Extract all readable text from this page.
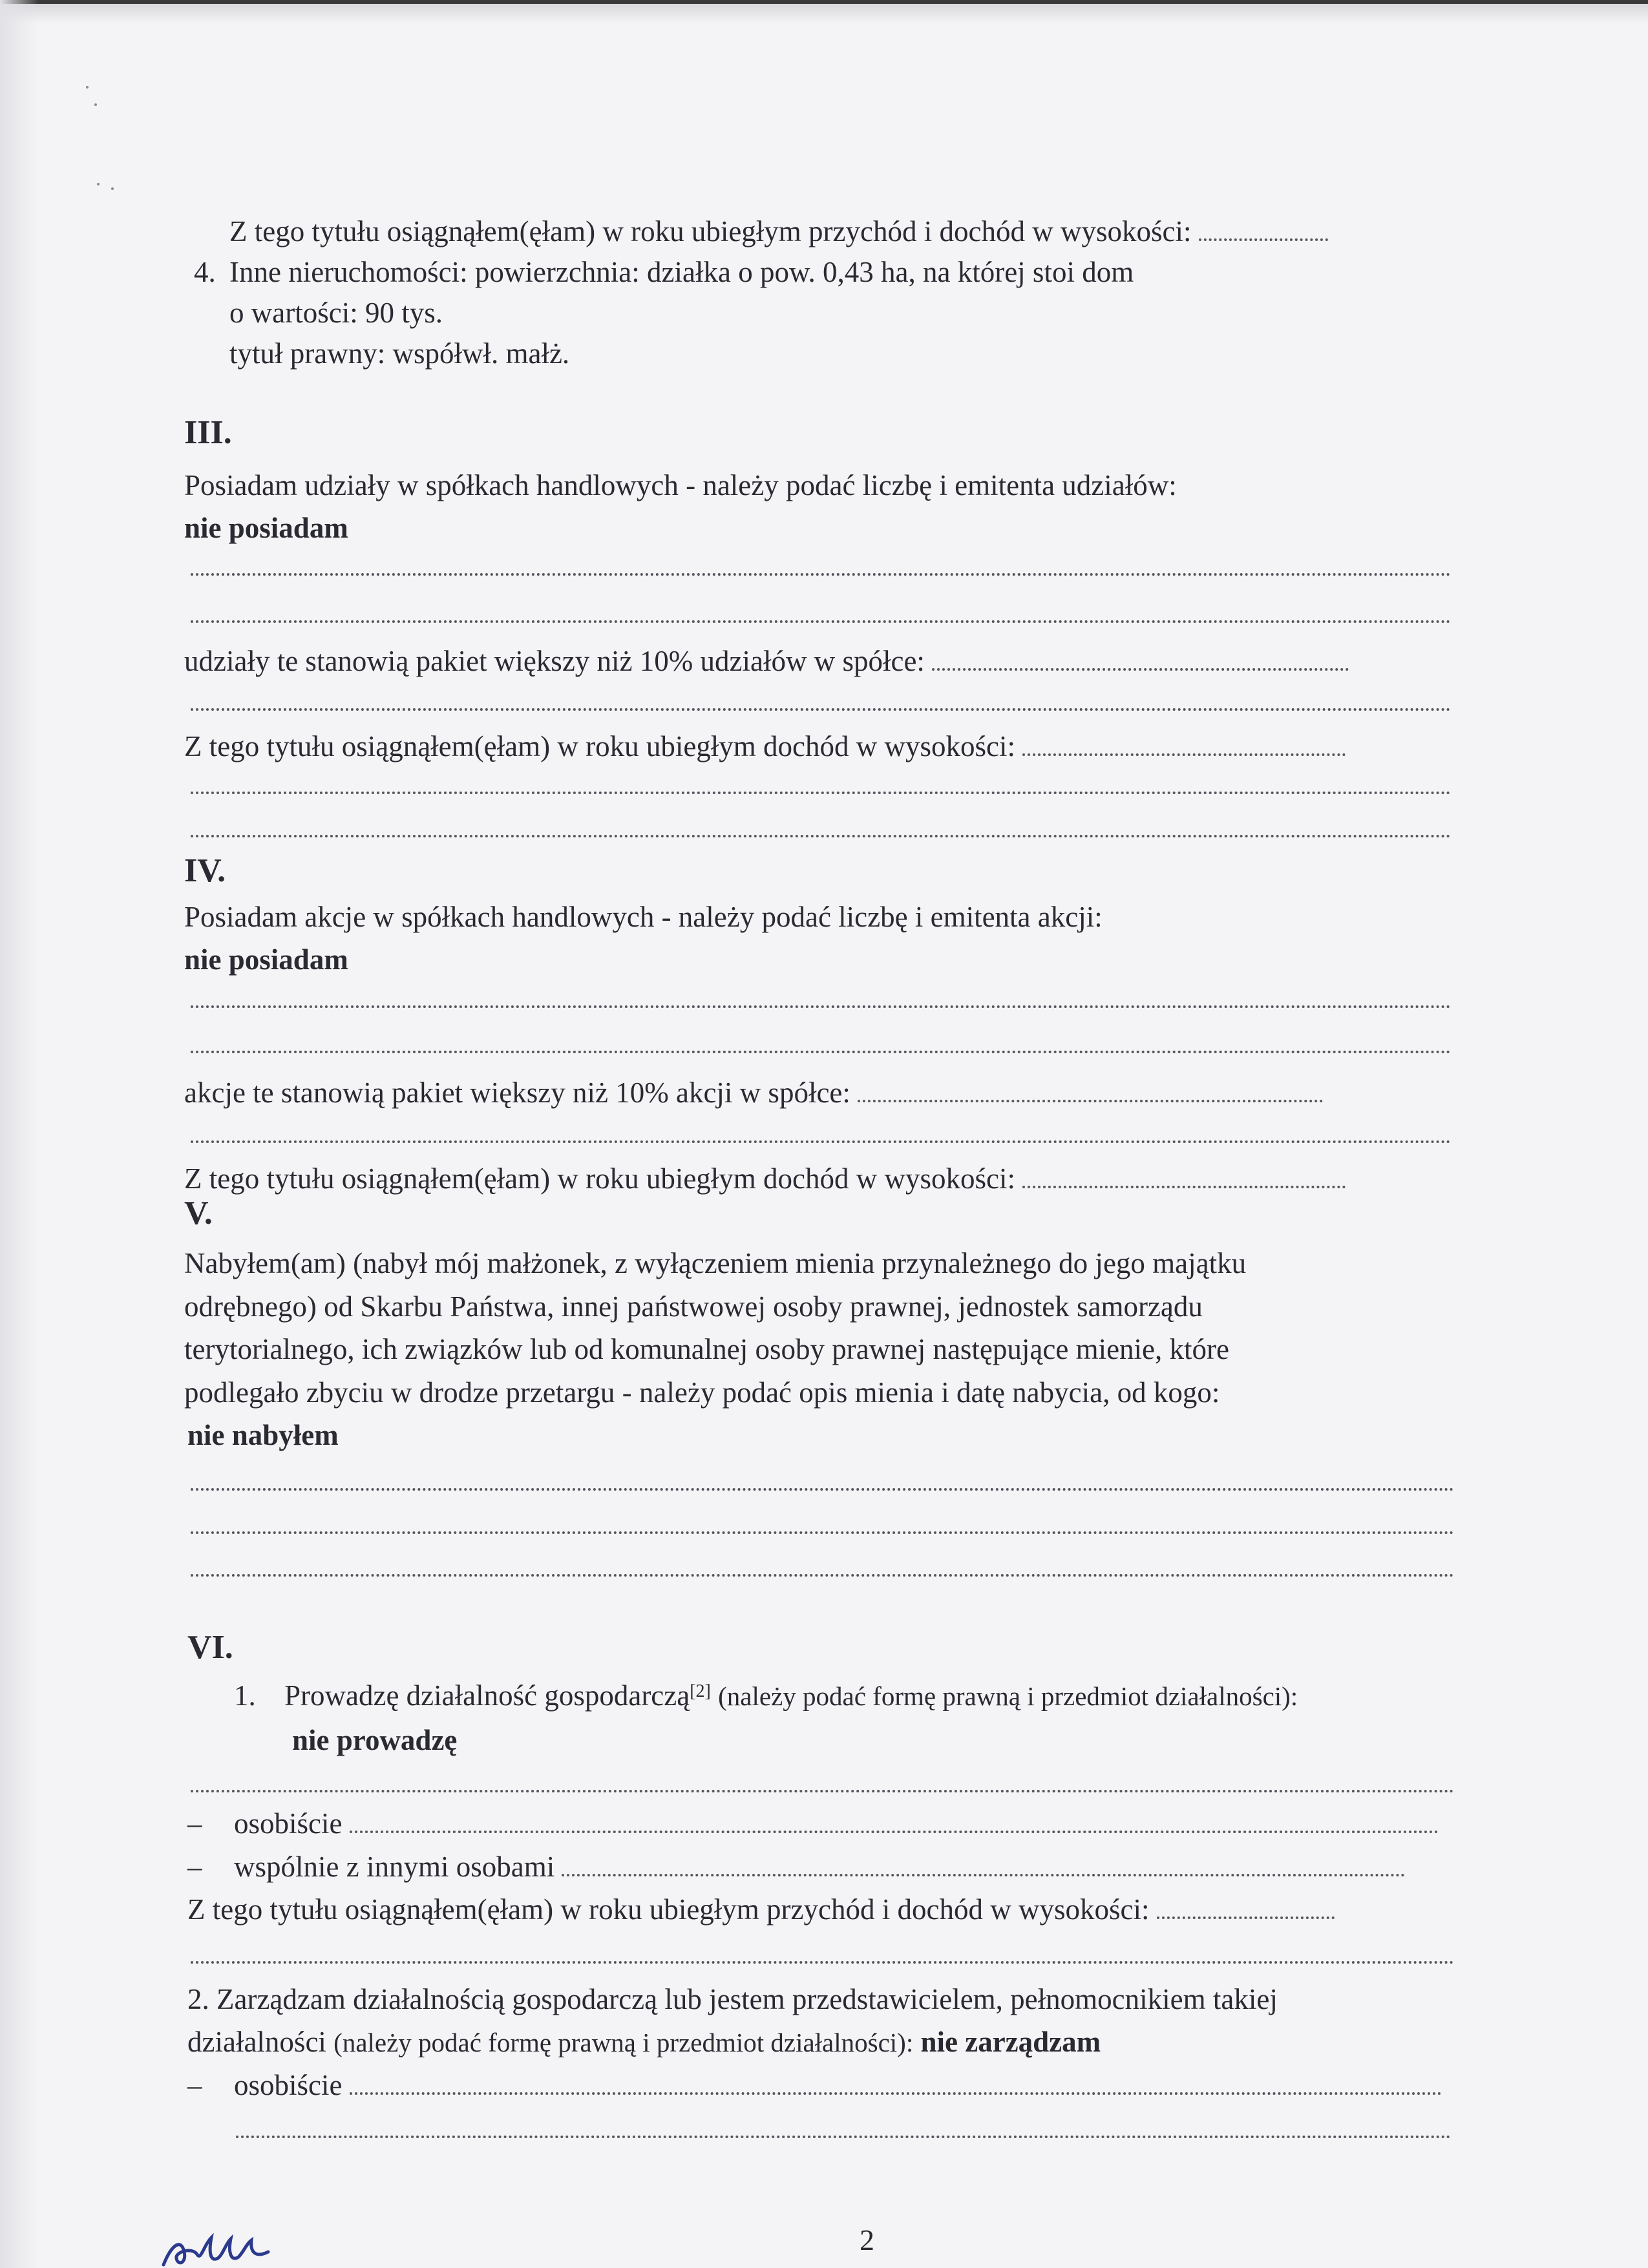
Z tego tytułu osiągnąłem(ęłam) w roku ubiegłym przychód i dochód w wysokości:
4. Inne nieruchomości: powierzchnia: działka o pow. 0,43 ha, na której stoi dom
o wartości: 90 tys.
tytuł prawny: współwł. małż.
III.
Posiadam udziały w spółkach handlowych - należy podać liczbę i emitenta udziałów:
nie posiadam
udziały te stanowią pakiet większy niż 10% udziałów w spółce:
Z tego tytułu osiągnąłem(ęłam) w roku ubiegłym dochód w wysokości:
IV.
Posiadam akcje w spółkach handlowych - należy podać liczbę i emitenta akcji:
nie posiadam
akcje te stanowią pakiet większy niż 10% akcji w spółce:
Z tego tytułu osiągnąłem(ęłam) w roku ubiegłym dochód w wysokości:
V.
Nabyłem(am) (nabył mój małżonek, z wyłączeniem mienia przynależnego do jego majątku
odrębnego) od Skarbu Państwa, innej państwowej osoby prawnej, jednostek samorządu
terytorialnego, ich związków lub od komunalnej osoby prawnej następujące mienie, które
podlegało zbyciu w drodze przetargu - należy podać opis mienia i datę nabycia, od kogo:
nie nabyłem
VI.
1. Prowadzę działalność gospodarczą[2] (należy podać formę prawną i przedmiot działalności):
nie prowadzę
– osobiście
– wspólnie z innymi osobami
Z tego tytułu osiągnąłem(ęłam) w roku ubiegłym przychód i dochód w wysokości:
2. Zarządzam działalnością gospodarczą lub jestem przedstawicielem, pełnomocnikiem takiej
działalności (należy podać formę prawną i przedmiot działalności): nie zarządzam
– osobiście
2
